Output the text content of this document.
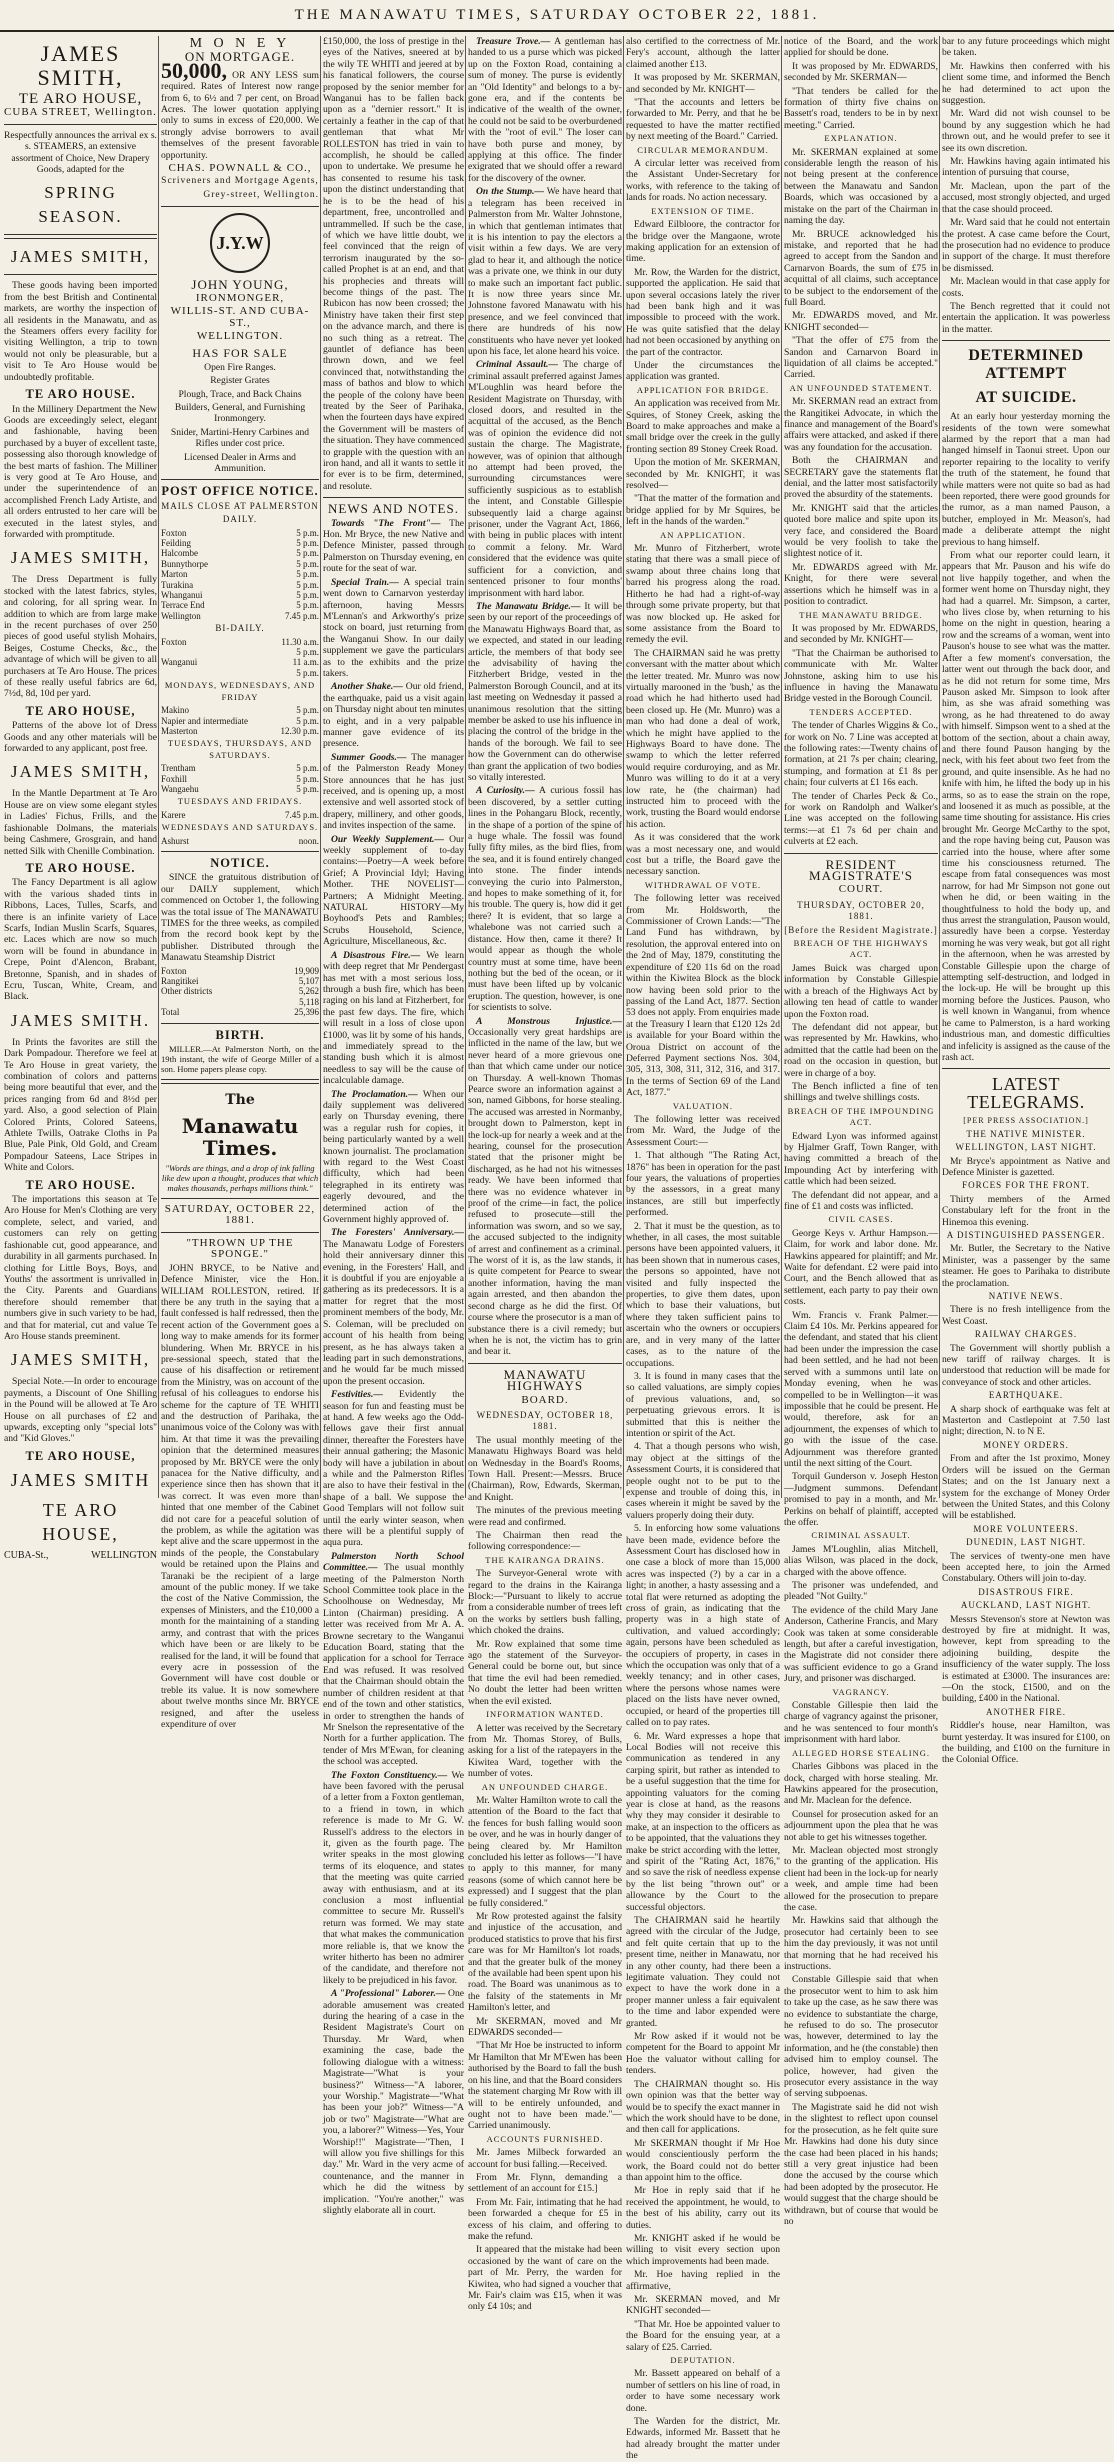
THE MANAWATU TIMES, SATURDAY OCTOBER 22, 1881.
JAMES SMITH,
TE ARO HOUSE,
CUBA STREET, Wellington.

Respectfully announces the arrival ex s. s. STEAMERS, an extensive assortment of Choice, New Drapery Goods, adapted for the

SPRING SEASON.
JAMES SMITH,

These goods having been imported from the best British and Continental markets, are worthy the inspection of all residents in the Manawatu, and as the Steamers offers every facility for visiting Wellington, a trip to town would not only be pleasurable, but a visit to Te Aro House would be undoubtedly profitable.

TE ARO HOUSE.

In the Millinery Department the New Goods are exceedingly select, elegant and fashionable, having been purchased by a buyer of excellent taste, possessing also thorough knowledge of the best marts of fashion. The Milliner is very good at Te Aro House, and under the superintendence of an accomplished French Lady Artiste, and all orders entrusted to her care will be executed in the latest styles, and forwarded with promptitude.

JAMES SMITH,

The Dress Department is fully stocked with the latest fabrics, styles, and coloring, for all spring wear. In addition to which are from large make in the recent purchases of over 250 pieces of good useful stylish Mohairs, Beiges, Costume Checks, &c., the advantage of which will be given to all purchasers at Te Aro House. The prices of these really useful fabrics are 6d, 7½d, 8d, 10d per yard.

TE ARO HOUSE,

Patterns of the above lot of Dress Goods and any other materials will be forwarded to any applicant, post free.

JAMES SMITH,

In the Mantle Department at Te Aro House are on view some elegant styles in Ladies' Fichus, Frills, and the fashionable Dolmans, the materials being Cashmere, Grosgrain, and hand netted Silk with Chenille Combination.

TE ARO HOUSE.

The Fancy Department is all aglow with the various shaded tints in Ribbons, Laces, Tulles, Scarfs, and there is an infinite variety of Lace Scarfs, Indian Muslin Scarfs, Squares, etc. Laces which are now so much worn will be found in abundance in Crepe, Point d'Alencon, Brabant, Bretonne, Spanish, and in shades of Ecru, Tuscan, White, Cream, and Black.

JAMES SMITH.

In Prints the favorites are still the Dark Pompadour. Therefore we feel at Te Aro House in great variety, the combination of colors and patterns being more beautiful that ever, and the prices ranging from 6d and 8½d per yard. Also, a good selection of Plain Colored Prints, Colored Sateens, Athlete Twills, Oatrake Cloths in Pa Blue, Pale Pink, Old Gold, and Cream Pompadour Sateens, Lace Stripes in White and Colors.

TE ARO HOUSE.

The importations this season at Te Aro House for Men's Clothing are very complete, select, and varied, and customers can rely on getting fashionable cut, good appearance, and durability in all garments purchased. In clothing for Little Boys, Boys, and Youths' the assortment is unrivalled in the City. Parents and Guardians therefore should remember that numbers give in such variety to be had, and that for material, cut and value Te Aro House stands preeminent.

JAMES SMITH,

Special Note.—In order to encourage payments, a Discount of One Shilling in the Pound will be allowed at Te Aro House on all purchases of £2 and upwards, excepting only "special lots" and "Kid Gloves."

TE ARO HOUSE,
JAMES SMITH
TE ARO HOUSE,
CUBA-St.,	WELLINGTON
M O N E Y
ON MORTGAGE.

50,000, OR ANY LESS sum required. Rates of Interest now range from 6, to 6½ and 7 per cent, on Broad Acres. The lower quotation applying only to sums in excess of £20,000. We strongly advise borrowers to avail themselves of the present favorable opportunity.

CHAS. POWNALL & CO.,
Scriveners and Mortgage Agents,
Grey-street, Wellington.
J.Y.W
JOHN YOUNG,
IRONMONGER,
WILLIS-ST. AND CUBA-ST.,
WELLINGTON.
HAS FOR SALE

Open Fire Ranges.

Register Grates

Plough, Trace, and Back Chains

Builders, General, and Furnishing Ironmongery.

Snider, Martini-Henry Carbines and Rifles under cost price.

Licensed Dealer in Arms and Ammunition.

POST OFFICE NOTICE.
MAILS CLOSE AT PALMERSTON
DAILY.
Foxton	5 p.m.
Feilding	5 p.m.
Halcombe	5 p.m.
Bunnythorpe	5 p.m.
Marton	5 p.m.
Turakina	5 p.m.
Whanganui	5 p.m.
Terrace End	5 p.m.
Wellington	7.45 p.m.
BI-DAILY.
Foxton	11.30 a.m.
	5 p.m.
Wanganui	11 a.m.
	5 p.m.
MONDAYS, WEDNESDAYS, AND FRIDAY
Makino	5 p.m.
Napier and intermediate	5 p.m.
Masterton	12.30 p.m.
TUESDAYS, THURSDAYS, AND SATURDAYS.
Trentham	5 p.m.
Foxhill	5 p.m.
Wangaehu	5 p.m.
TUESDAYS AND FRIDAYS.
Karere	7.45 p.m.
WEDNESDAYS AND SATURDAYS.
Ashurst	noon.
NOTICE.

SINCE the gratuitous distribution of our DAILY supplement, which commenced on October 1, the following was the total issue of The MANAWATU TIMES for the three weeks, as compiled from the record book kept by the publisher. Distributed through the Manawatu Steamship District

Foxton	19,909
Rangitikei	5,107
Other districts	5,262
	5,118
Total	25,396
BIRTH.

MILLER.—At Palmerston North, on the 19th instant, the wife of George Miller of a son. Home papers please copy.

The
Manawatu Times.

"Words are things, and a drop of ink falling like dew upon a thought, produces that which makes thousands, perhaps millions think."

SATURDAY, OCTOBER 22, 1881.
"THROWN UP THE SPONGE."

JOHN BRYCE, to be Native and Defence Minister, vice the Hon. WILLIAM ROLLESTON, retired. If there be any truth in the saying that a fault confessed is half redressed, then the recent action of the Government goes a long way to make amends for its former blundering. When Mr. BRYCE in his pre-sessional speech, stated that the cause of his disaffection or retirement from the Ministry, was on account of the refusal of his colleagues to endorse his scheme for the capture of TE WHITI and the destruction of Parihaka, the unanimous voice of the Colony was with him. At that time it was the prevailing opinion that the determined measures proposed by Mr. BRYCE were the only panacea for the Native difficulty, and experience since then has shown that it was correct. It was even more than hinted that one member of the Cabinet did not care for a peaceful solution of the problem, as while the agitation was kept alive and the scare uppermost in the minds of the people, the Constabulary would be retained upon the Plains and Taranaki be the recipient of a large amount of the public money. If we take the cost of the Native Commission, the expenses of Ministers, and the £10,000 a month for the maintaining of a standing army, and contrast that with the prices which have been or are likely to be realised for the land, it will be found that every acre in possession of the Government will have cost double or treble its value. It is now somewhere about twelve months since Mr. BRYCE resigned, and after the useless expenditure of over

£150,000, the loss of prestige in the eyes of the Natives, sneered at by the wily TE WHITI and jeered at by his fanatical followers, the course proposed by the senior member for Wanganui has to be fallen back upon as a "dernier ressort." It is certainly a feather in the cap of that gentleman that what Mr ROLLESTON has tried in vain to accomplish, he should be called upon to undertake. We presume he has consented to resume his task upon the distinct understanding that he is to be the head of his department, free, uncontrolled and untrammelled. If such be the case, of which we have little doubt, we feel convinced that the reign of terrorism inaugurated by the so-called Prophet is at an end, and that his prophecies and threats will become things of the past. The Rubicon has now been crossed; the Ministry have taken their first step on the advance march, and there is no such thing as a retreat. The gauntlet of defiance has been thrown down, and we feel convinced that, notwithstanding the mass of bathos and blow to which the people of the colony have been treated by the Seer of Parihaka, when the fourteen days have expired the Government will be masters of the situation. They have commenced to grapple with the question with an iron hand, and all it wants to settle it for ever is to be firm, determined, and resolute.

NEWS AND NOTES.

Towards "The Front"— The Hon. Mr Bryce, the new Native and Defence Minister, passed through Palmerston on Thursday evening, en route for the seat of war.

Special Train.— A special train went down to Carnarvon yesterday afternoon, having Messrs M'Lennan's and Arkworthy's prize stock on board, just returning from the Wanganui Show. In our daily supplement we gave the particulars as to the exhibits and the prize takers.

Another Shake.— Our old friend, the earthquake, paid us a visit again on Thursday night about ten minutes to eight, and in a very palpable manner gave evidence of its presence.

Summer Goods.— The manager of the Palmerston Ready Money Store announces that he has just received, and is opening up, a most extensive and well assorted stock of drapery, millinery, and other goods, and invites inspection of the same.

Our Weekly Supplement.— Our weekly supplement of to-day contains:—Poetry—A week before Grief; A Provincial Idyl; Having Mother. THE NOVELIST—Partners; A Midnight Meeting. NATURAL HISTORY—My Boyhood's Pets and Rambles; Scrubs Household, Science, Agriculture, Miscellaneous, &c.

A Disastrous Fire.— We learn with deep regret that Mr Pendergast has met with a most serious loss, through a bush fire, which has been raging on his land at Fitzherbert, for the past few days. The fire, which will result in a loss of close upon £1000, was lit by some of his hands, and immediately spread to the standing bush which it is almost needless to say will be the cause of incalculable damage.

The Proclamation.— When our daily supplement was delivered early on Thursday evening, there was a regular rush for copies, it being particularly wanted by a well known journalist. The proclamation with regard to the West Coast difficulty, which had been telegraphed in its entirety was eagerly devoured, and the determined action of the Government highly approved of.

The Foresters' Anniversary.— The Manawatu Lodge of Foresters hold their anniversary dinner this evening, in the Foresters' Hall, and it is doubtful if you are enjoyable a gathering as its predecessors. It is a matter for regret that the most prominent members of the body, Mr. S. Coleman, will be precluded on account of his health from being present, as he has always taken a leading part in such demonstrations, and he would far be much missed upon the present occasion.

Festivities.— Evidently the season for fun and feasting must be at hand. A few weeks ago the Odd-fellows gave their first annual dinner, thereafter the Foresters have their annual gathering; the Masonic body will have a jubilation in about a while and the Palmerston Rifles are also to have their festival in the shape of a ball. We suppose the Good Templars will not follow suit until the early winter season, when there will be a plentiful supply of aqua pura.

Palmerston North School Committee.— The usual monthly meeting of the Palmerston North School Committee took place in the Schoolhouse on Wednesday, Mr Linton (Chairman) presiding. A letter was received from Mr A. A. Browne secretary to the Wanganui Education Board, stating that the application for a school for Terrace End was refused. It was resolved that the Chairman should obtain the number of children resident at that end of the town and other statistics, in order to strengthen the hands of Mr Snelson the representative of the North for a further application. The tender of Mrs M'Ewan, for cleaning the school was accepted.

The Foxton Constituency.— We have been favored with the perusal of a letter from a Foxton gentleman, to a friend in town, in which reference is made to Mr G. W. Russell's address to the electors in it, given as the fourth page. The writer speaks in the most glowing terms of its eloquence, and states that the meeting was quite carried away with enthusiasm, and at its conclusion a most influential committee to secure Mr. Russell's return was formed. We may state that what makes the communication more reliable is, that we know the writer hitherto has been no admirer of the candidate, and therefore not likely to be prejudiced in his favor.

A "Professional" Laborer.— One adorable amusement was created during the hearing of a case in the Resident Magistrate's Court on Thursday. Mr Ward, when examining the case, bade the following dialogue with a witness: Magistrate—"What is your business?" Witness—"A laborer, your Worship." Magistrate—"What has been your job?" Witness—"A job or two" Magistrate—"What are you, a laborer?" Witness—Yes, Your Worship!!" Magistrate—"Then, I will allow you five shillings for this day." Mr. Ward in the very acme of countenance, and the manner in which he did the witness by implication. "You're another," was slightly elaborate all in court.

Treasure Trove.— A gentleman has handed to us a purse which was picked up on the Foxton Road, containing a sum of money. The purse is evidently an "Old Identity" and belongs to a by-gone era, and if the contents be indicative of the wealth of the owner, he could not be said to be overburdened with the "root of evil." The loser can have both purse and money, by applying at this office. The finder exigrated that we should offer a reward for the discovery of the owner.

On the Stump.— We have heard that a telegram has been received in Palmerston from Mr. Walter Johnstone, in which that gentleman intimates that it is his intention to pay the electors a visit within a few days. We are very glad to hear it, and although the notice was a private one, we think in our duty to make such an important fact public. It is now three years since Mr. Johnstone favored Manawatu with his presence, and we feel convinced that there are hundreds of his now constituents who have never yet looked upon his face, let alone heard his voice.

Criminal Assault.— The charge of criminal assault preferred against James M'Loughlin was heard before the Resident Magistrate on Thursday, with closed doors, and resulted in the acquittal of the accused, as the Bench was of opinion the evidence did not sustain the charge. The Magistrate, however, was of opinion that although no attempt had been proved, the surrounding circumstances were sufficiently suspicious as to establish the intent, and Constable Gillespie subsequently laid a charge against prisoner, under the Vagrant Act, 1866, with being in public places with intent to commit a felony. Mr. Ward considered that the evidence was quite sufficient for a conviction, and sentenced prisoner to four months' imprisonment with hard labor.

The Manawatu Bridge.— It will be seen by our report of the proceedings of the Manawatu Highways Board that, as we expected, and stated in our leading article, the members of that body see the advisability of having the Fitzherbert Bridge, vested in the Palmerston Borough Council, and at its last meeting on Wednesday it passed a unanimous resolution that the sitting member be asked to use his influence in placing the control of the bridge in the hands of the borough. We fail to see how the Government can do otherwise than grant the application of two bodies so vitally interested.

A Curiosity.— A curious fossil has been discovered, by a settler cutting lines in the Pohangaru Block, recently, in the shape of a portion of the spine of a huge whale. The fossil was found fully fifty miles, as the bird flies, from the sea, and it is found entirely changed into stone. The finder intends conveying the curio into Palmerston, and hopes to make something of it, for his trouble. The query is, how did it get there? It is evident, that so large a whalebone was not carried such a distance. How then, came it there? It would appear as though the whole country must at some time, have been nothing but the bed of the ocean, or it must have been lifted up by volcanic eruption. The question, however, is one for scientists to solve.

A Monstrous Injustice.— Occasionally very great hardships are inflicted in the name of the law, but we never heard of a more grievous one than that which came under our notice on Thursday. A well-known Thomas Pearce swore an information against a son, named Gibbons, for horse stealing. The accused was arrested in Normanby, brought down to Palmerston, kept in the lock-up for nearly a week and at the hearing, counsel for the prosecution stated that the prisoner might be discharged, as he had not his witnesses ready. We have been informed that there was no evidence whatever in proof of the crime—in fact, the police refused to prosecute—still the information was sworn, and so we say, the accused subjected to the indignity of arrest and confinement as a criminal. The worst of it is, as the law stands, it is quite competent for Pearce to swear another information, having the man again arrested, and then abandon the second charge as he did the first. Of course where the prosecutor is a man of substance there is a civil remedy; but when he is not, the victim has to grin and bear it.

MANAWATU HIGHWAYS
BOARD.
WEDNESDAY, OCTOBER 18, 1881.

The usual monthly meeting of the Manawatu Highways Board was held on Wednesday in the Board's Rooms, Town Hall. Present:—Messrs. Bruce (Chairman), Row, Edwards, Skerman, and Knight.

The minutes of the previous meeting were read and confirmed.

The Chairman then read the following correspondence:—

THE KAIRANGA DRAINS.

The Surveyor-General wrote with regard to the drains in the Kairanga Block:—"Pursuant to likely to accrue from a considerable number of trees left on the works by settlers bush falling, which choked the drains.

Mr. Row explained that some time ago the statement of the Surveyor-General could be borne out, but since that time the evil had been remedied. No doubt the letter had been written when the evil existed.

INFORMATION WANTED.

A letter was received by the Secretary from Mr. Thomas Storey, of Bulls, asking for a list of the ratepayers in the Kiwitea Ward, together with the number of votes.

AN UNFOUNDED CHARGE.

Mr. Walter Hamilton wrote to call the attention of the Board to the fact that the fences for bush falling would soon be over, and he was in hourly danger of being cleared by. Mr Hamilton concluded his letter as follows—"I have to apply to this manner, for many reasons (some of which cannot here be expressed) and I suggest that the plan be fully considered."

Mr Row protested against the falsity and injustice of the accusation, and produced statistics to prove that his first care was for Mr Hamilton's lot roads, and that the greater bulk of the money of the available had been spent upon his road. The Board was unanimous as to the falsity of the statements in Mr Hamilton's letter, and

Mr SKERMAN, moved and Mr EDWARDS seconded—

"That Mr Hoe be instructed to inform Mr Hamilton that Mr M'Ewen has been authorised by the Board to fall the bush on his line, and that the Board considers the statement charging Mr Row with ill will to be entirely unfounded, and ought not to have been made."—Carried unanimously.

ACCOUNTS FURNISHED.

Mr. James Milbeck forwarded an account for busi falling.—Received.

From Mr. Flynn, demanding a settlement of an account for £15.]

From Mr. Fair, intimating that he had been forwarded a cheque for £5 in excess of his claim, and offering to make the refund.

It appeared that the mistake had been occasioned by the want of care on the part of Mr. Perry, the warden for Kiwitea, who had signed a voucher that Mr. Fair's claim was £15, when it was only £4 10s; and

also certified to the correctness of Mr. Fery's account, although the latter claimed another £13.

It was proposed by Mr. SKERMAN, and seconded by Mr. KNIGHT—

"That the accounts and letters be forwarded to Mr. Perry, and that he be requested to have the matter rectified by next meeting of the Board." Carried.

CIRCULAR MEMORANDUM.

A circular letter was received from the Assistant Under-Secretary for works, with reference to the taking of lands for roads. No action necessary.

EXTENSION OF TIME.

Edward Eilbloore, the contractor for the bridge over the Mangaone, wrote making application for an extension of time.

Mr. Row, the Warden for the district, supported the application. He said that upon several occasions lately the river had been bank high and it was impossible to proceed with the work. He was quite satisfied that the delay had not been occasioned by anything on the part of the contractor.

Under the circumstances the application was granted.

APPLICATION FOR BRIDGE.

An application was received from Mr. Squires, of Stoney Creek, asking the Board to make approaches and make a small bridge over the creek in the gully fronting section 89 Stoney Creek Road.

Upon the motion of Mr. SKERMAN, seconded by Mr. KNIGHT, it was resolved—

"That the matter of the formation and bridge applied for by Mr Squires, be left in the hands of the warden."

AN APPLICATION.

Mr. Munro of Fitzherbert, wrote stating that there was a small piece of swamp about three chains long that barred his progress along the road. Hitherto he had had a right-of-way through some private property, but that was now blocked up. He asked for some assistance from the Board to remedy the evil.

The CHAIRMAN said he was pretty conversant with the matter about which the letter treated. Mr. Munro was now virtually marooned in the 'bush,' as the road which he had hitherto used had been closed up. He (Mr. Munro) was a man who had done a deal of work, which he might have applied to the Highways Board to have done. The swamp to which the letter referred would require corduroying, and as Mr. Munro was willing to do it at a very low rate, he (the chairman) had instructed him to proceed with the work, trusting the Board would endorse his action.

As it was considered that the work was a most necessary one, and would cost but a trifle, the Board gave the necessary sanction.

WITHDRAWAL OF VOTE.

The following letter was received from Mr. Holdsworth, the Commissioner of Crown Lands:—"The Land Fund has withdrawn, by resolution, the approval entered into on the 2nd of May, 1879, constituting the expenditure of £20 11s 6d on the road within the Kiwitea Block as the block now having been sold prior to the passing of the Land Act, 1877. Section 53 does not apply. From enquiries made at the Treasury I learn that £120 12s 2d is available for your Board within the Oroua District on account of the Deferred Payment sections Nos. 304, 305, 313, 308, 311, 312, 316, and 317. In the terms of Section 69 of the Land Act, 1877."

VALUATION.

The following letter was received from Mr. Ward, the Judge of the Assessment Court:—

1. That although "The Rating Act, 1876" has been in operation for the past four years, the valuations of properties by the assessors, in a great many instances, are still but imperfectly performed.

2. That it must be the question, as to whether, in all cases, the most suitable persons have been appointed valuers, it has been shown that in numerous cases, the persons so appointed, have not visited and fully inspected the properties, to give them dates, upon which to base their valuations, but where they taken sufficient pains to ascertain who the owners or occupiers are, and in very many of the latter cases, as to the nature of the occupations.

3. It is found in many cases that the so called valuations, are simply copies of previous valuations, and, so perpetuating grievous errors. It is submitted that this is neither the intention or spirit of the Act.

4. That a though persons who wish, may object at the sittings of the Assessment Courts, it is considered that people ought not to be put to the expense and trouble of doing this, in cases wherein it might be saved by the valuers properly doing their duty.

5. In enforcing how some valuations have been made, evidence before the Assessment Court has disclosed how in one case a block of more than 15,000 acres was inspected (?) by a car in a light; in another, a hasty assessing and a total flat were returned as adopting the cross of grain, as indicating that the property was in a high state of cultivation, and valued accordingly; again, persons have been scheduled as the occupiers of property, in cases in which the occupation was only that of a weekly tenancy; and in other cases, where the persons whose names were placed on the lists have never owned, occupied, or heard of the properties till called on to pay rates.

6. Mr. Ward expresses a hope that Local Bodies will not receive this communication as tendered in any carping spirit, but rather as intended to be a useful suggestion that the time for appointing valuators for the coming year is close at hand, as the reasons why they may consider it desirable to make, at an inspection to the officers as to be appointed, that the valuations they make be strict according with the letter, and spirit of the "Rating Act, 1876," and so save the risk of needless expense by the list being "thrown out" or allowance by the Court to the successful objectors.

The CHAIRMAN said he heartily agreed with the circular of the Judge, and felt quite certain that up to the present time, neither in Manawatu, nor in any other county, had there been a legitimate valuation. They could not expect to have the work done in a proper manner unless a fair equivalent to the time and labor expended were granted.

Mr Row asked if it would not be competent for the Board to appoint Mr Hoe the valuator without calling for tenders.

The CHAIRMAN thought so. His own opinion was that the better way would be to specify the exact manner in which the work should have to be done, and then call for applications.

Mr SKERMAN thought if Mr Hoe would conscientiously perform the work, the Board could not do better than appoint him to the office.

Mr Hoe in reply said that if he received the appointment, he would, to the best of his ability, carry out its duties.

Mr. KNIGHT asked if he would be willing to visit every section upon which improvements had been made.

Mr. Hoe having replied in the affirmative,

Mr. SKERMAN moved, and Mr KNIGHT seconded—

"That Mr. Hoe be appointed valuer to the Board for the ensuing year, at a salary of £25. Carried.

DEPUTATION.

Mr. Bassett appeared on behalf of a number of settlers on his line of road, in order to have some necessary work done.

The Warden for the district, Mr. Edwards, informed Mr. Bassett that he had already brought the matter under the

notice of the Board, and the work applied for should be done.

It was proposed by Mr. EDWARDS, seconded by Mr. SKERMAN—

"That tenders be called for the formation of thirty five chains on Bassett's road, tenders to be in by next meeting." Carried.

EXPLANATION.

Mr. SKERMAN explained at some considerable length the reason of his not being present at the conference between the Manawatu and Sandon Boards, which was occasioned by a mistake on the part of the Chairman in naming the day.

Mr. BRUCE acknowledged his mistake, and reported that he had agreed to accept from the Sandon and Carnarvon Boards, the sum of £75 in acquittal of all claims, such acceptance to be subject to the endorsement of the full Board.

Mr. EDWARDS moved, and Mr. KNIGHT seconded—

"That the offer of £75 from the Sandon and Carnarvon Board in liquidation of all claims be accepted." Carried.

AN UNFOUNDED STATEMENT.

Mr. SKERMAN read an extract from the Rangitikei Advocate, in which the finance and management of the Board's affairs were attacked, and asked if there was any foundation for the accusation.

Both the CHAIRMAN and SECRETARY gave the statements flat denial, and the latter most satisfactorily proved the absurdity of the statements.

Mr. KNIGHT said that the articles quoted bore malice and spite upon its very face, and considered the Board would be very foolish to take the slightest notice of it.

Mr. EDWARDS agreed with Mr. Knight, for there were several assertions which he himself was in a position to contradict.

THE MANAWATU BRIDGE.

It was proposed by Mr. EDWARDS, and seconded by Mr. KNIGHT—

"That the Chairman be authorised to communicate with Mr. Walter Johnstone, asking him to use his influence in having the Manawatu Bridge vested in the Borough Council.

TENDERS ACCEPTED.

The tender of Charles Wiggins & Co., for work on No. 7 Line was accepted at the following rates:—Twenty chains of formation, at 21 7s per chain; clearing, stumping, and formation at £1 8s per chain; four culverts at £1 16s each.

The tender of Charles Peck & Co., for work on Randolph and Walker's Line was accepted on the following terms:—at £1 7s 6d per chain and culverts at £2 each.

RESIDENT MAGISTRATE'S
COURT.
THURSDAY, OCTOBER 20, 1881.
[Before the Resident Magistrate.]
BREACH OF THE HIGHWAYS ACT.

James Buick was charged upon information by Constable Gillespie with a breach of the Highways Act by allowing ten head of cattle to wander upon the Foxton road.

The defendant did not appear, but was represented by Mr. Hawkins, who admitted that the cattle had been on the road on the occasion in question, but were in charge of a boy.

The Bench inflicted a fine of ten shillings and twelve shillings costs.

BREACH OF THE IMPOUNDING ACT.

Edward Lyon was informed against by Hjalmer Graff, Town Ranger, with having committed a breach of the Impounding Act by interfering with cattle which had been seized.

The defendant did not appear, and a fine of £1 and costs was inflicted.

CIVIL CASES.

George Keys v. Arthur Hampson.—Claim, for work and labor done. Mr. Hawkins appeared for plaintiff; and Mr. Waite for defendant. £2 were paid into Court, and the Bench allowed that as settlement, each party to pay their own costs.

Wm. Francis v. Frank Palmer.—Claim £4 10s. Mr. Perkins appeared for the defendant, and stated that his client had been under the impression the case had been settled, and he had not been served with a summons until late on Monday evening, when he was compelled to be in Wellington—it was impossible that he could be present. He would, therefore, ask for an adjournment, the expenses of which to go with the issue of the case. Adjournment was therefore granted until the next sitting of the Court.

Torquil Gunderson v. Joseph Heston—Judgment summons. Defendant promised to pay in a month, and Mr. Perkins on behalf of plaintiff, accepted the offer.

CRIMINAL ASSAULT.

James M'Loughlin, alias Mitchell, alias Wilson, was placed in the dock, charged with the above offence.

The prisoner was undefended, and pleaded "Not Guilty."

The evidence of the child Mary Jane Anderson, Catherine Francis, and Mary Cook was taken at some considerable length, but after a careful investigation, the Magistrate did not consider there was sufficient evidence to go a Grand Jury, and prisoner was discharged.

VAGRANCY.

Constable Gillespie then laid the charge of vagrancy against the prisoner, and he was sentenced to four month's imprisonment with hard labor.

ALLEGED HORSE STEALING.

Charles Gibbons was placed in the dock, charged with horse stealing. Mr. Hawkins appeared for the prosecution, and Mr. Maclean for the defence.

Counsel for prosecution asked for an adjournment upon the plea that he was not able to get his witnesses together.

Mr. Maclean objected most strongly to the granting of the application. His client had been in the lock-up for nearly a week, and ample time had been allowed for the prosecution to prepare the case.

Mr. Hawkins said that although the prosecutor had certainly been to see him the day previously, it was not until that morning that he had received his instructions.

Constable Gillespie said that when the prosecutor went to him to ask him to take up the case, as he saw there was no evidence to substantiate the charge, he refused to do so. The prosecutor was, however, determined to lay the information, and he (the constable) then advised him to employ counsel. The police, however, had given the prosecutor every assistance in the way of serving subpoenas.

The Magistrate said he did not wish in the slightest to reflect upon counsel for the prosecution, as he felt quite sure Mr. Hawkins had done his duty since the case had been placed in his hands; still a very great injustice had been done the accused by the course which had been adopted by the prosecutor. He would suggest that the charge should be withdrawn, but of course that would be no

bar to any future proceedings which might be taken.

Mr. Hawkins then conferred with his client some time, and informed the Bench he had determined to act upon the suggestion.

Mr. Ward did not wish counsel to be bound by any suggestion which he had thrown out, and he would prefer to see it see its own discretion.

Mr. Hawkins having again intimated his intention of pursuing that course,

Mr. Maclean, upon the part of the accused, most strongly objected, and urged that the case should proceed.

Mr. Ward said that he could not entertain the protest. A case came before the Court, the prosecution had no evidence to produce in support of the charge. It must therefore be dismissed.

Mr. Maclean would in that case apply for costs.

The Bench regretted that it could not entertain the application. It was powerless in the matter.

DETERMINED ATTEMPT
AT SUICIDE.

At an early hour yesterday morning the residents of the town were somewhat alarmed by the report that a man had hanged himself in Taonui street. Upon our reporter repairing to the locality to verify the truth of the statement, he found that while matters were not quite so bad as had been reported, there were good grounds for the rumor, as a man named Pauson, a butcher, employed in Mr. Meason's, had made a deliberate attempt the night previous to hang himself.

From what our reporter could learn, it appears that Mr. Pauson and his wife do not live happily together, and when the former went home on Thursday night, they had had a quarrel. Mr. Simpson, a carter, who lives close by, when returning to his home on the night in question, hearing a row and the screams of a woman, went into Pauson's house to see what was the matter. After a few moment's conversation, the latter went out through the back door, and as he did not return for some time, Mrs Pauson asked Mr. Simpson to look after him, as she was afraid something was wrong, as he had threatened to do away with himself. Simpson went to a shed at the bottom of the section, about a chain away, and there found Pauson hanging by the neck, with his feet about two feet from the ground, and quite insensible. As he had no knife with him, he lifted the body up in his arms, so as to ease the strain on the rope, and loosened it as much as possible, at the same time shouting for assistance. His cries brought Mr. George McCarthy to the spot, and the rope having being cut, Pauson was carried into the house, where after some time his consciousness returned. The escape from fatal consequences was most narrow, for had Mr Simpson not gone out when he did, or been waiting in the thoughtfulness to hold the body up, and thus arrest the strangulation, Pauson would, assuredly have been a corpse. Yesterday morning he was very weak, but got all right in the afternoon, when he was arrested by Constable Gillespie upon the charge of attempting self-destruction, and lodged in the lock-up. He will be brought up this morning before the Justices. Pauson, who is well known in Wanganui, from whence he came to Palmerston, is a hard working industrious man, and domestic difficulties and infelicity is assigned as the cause of the rash act.

LATEST TELEGRAMS.
[PER PRESS ASSOCIATION.]
THE NATIVE MINISTER.
WELLINGTON, LAST NIGHT.

Mr Bryce's appointment as Native and Defence Minister is gazetted.

FORCES FOR THE FRONT.

Thirty members of the Armed Constabulary left for the front in the Hinemoa this evening.

A DISTINGUISHED PASSENGER.

Mr. Butler, the Secretary to the Native Minister, was a passenger by the same steamer. He goes to Parihaka to distribute the proclamation.

NATIVE NEWS.

There is no fresh intelligence from the West Coast.

RAILWAY CHARGES.

The Government will shortly publish a new tariff of railway charges. It is understood that reduction will be made for conveyance of stock and other articles.

EARTHQUAKE.

A sharp shock of earthquake was felt at Masterton and Castlepoint at 7.50 last night; direction, N. to N E.

MONEY ORDERS.

From and after the 1st proximo, Money Orders will be issued on the German States; and on the 1st January next a system for the exchange of Money Order between the United States, and this Colony will be established.

MORE VOLUNTEERS.
DUNEDIN, LAST NIGHT.

The services of twenty-one men have been accepted here, to join the Armed Constabulary. Others will join to-day.

DISASTROUS FIRE.
AUCKLAND, LAST NIGHT.

Messrs Stevenson's store at Newton was destroyed by fire at midnight. It was, however, kept from spreading to the adjoining building, despite the insufficiency of the water supply. The loss is estimated at £3000. The insurances are:—On the stock, £1500, and on the building, £400 in the National.

ANOTHER FIRE.

Riddler's house, near Hamilton, was burnt yesterday. It was insured for £100, on the building, and £100 on the furniture in the Colonial Office.
